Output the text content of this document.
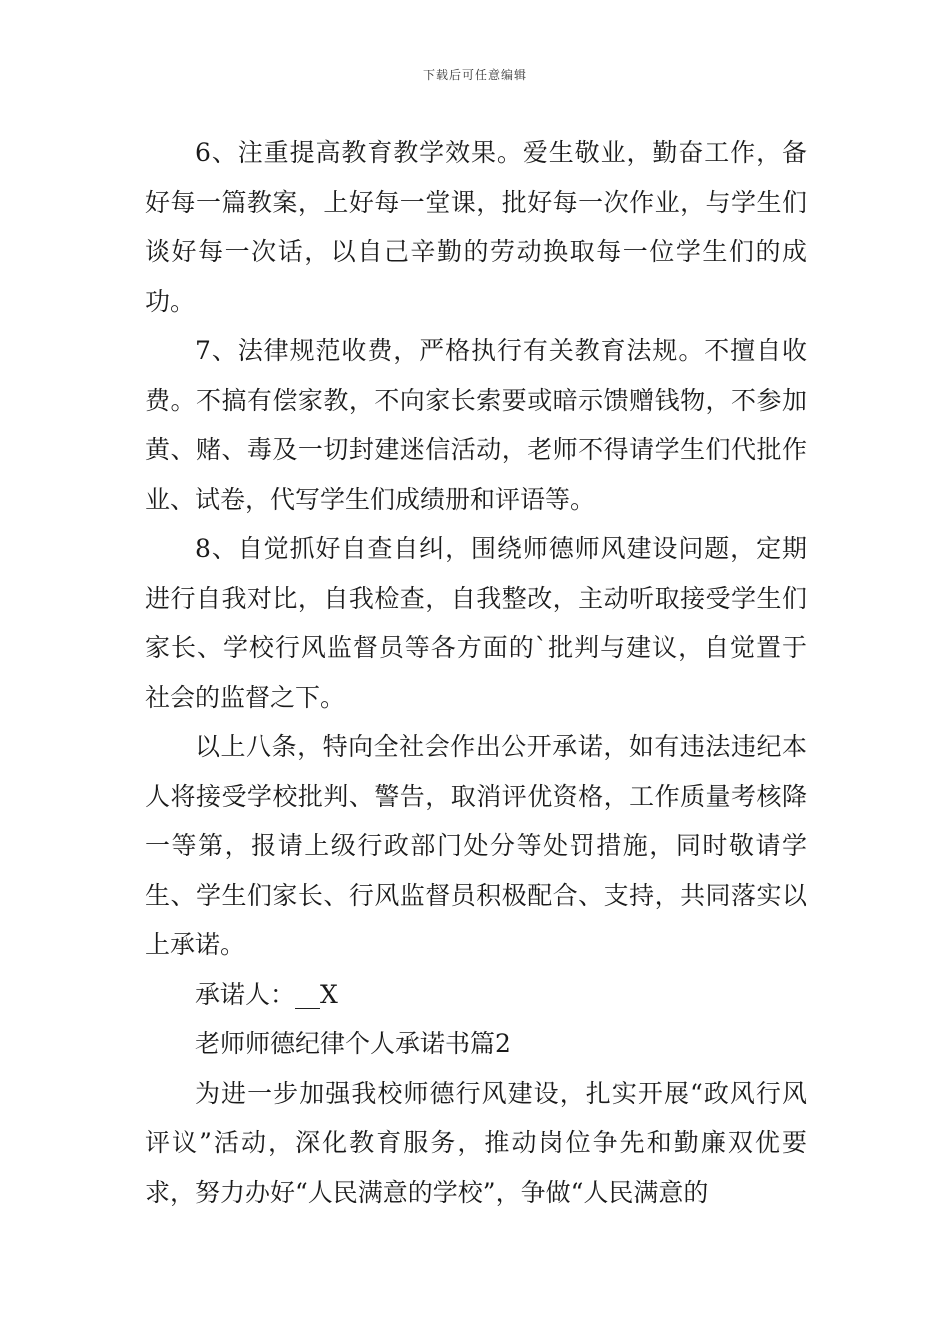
下载后可任意编辑

6、注重提高教育教学效果。爱生敬业，勤奋工作，备好每一篇教案，上好每一堂课，批好每一次作业，与学生们谈好每一次话，以自己辛勤的劳动换取每一位学生们的成功。

7、法律规范收费，严格执行有关教育法规。不擅自收费。不搞有偿家教，不向家长索要或暗示馈赠钱物，不参加黄、赌、毒及一切封建迷信活动，老师不得请学生们代批作业、试卷，代写学生们成绩册和评语等。

8、自觉抓好自查自纠，围绕师德师风建设问题，定期进行自我对比，自我检查，自我整改，主动听取接受学生们家长、学校行风监督员等各方面的`批判与建议，自觉置于社会的监督之下。

以上八条，特向全社会作出公开承诺，如有违法违纪本人将接受学校批判、警告，取消评优资格，工作质量考核降一等第，报请上级行政部门处分等处罚措施，同时敬请学生、学生们家长、行风监督员积极配合、支持，共同落实以上承诺。

承诺人：__X

老师师德纪律个人承诺书篇2

为进一步加强我校师德行风建设，扎实开展“政风行风评议”活动，深化教育服务，推动岗位争先和勤廉双优要求，努力办好“人民满意的学校”，争做“人民满意的
